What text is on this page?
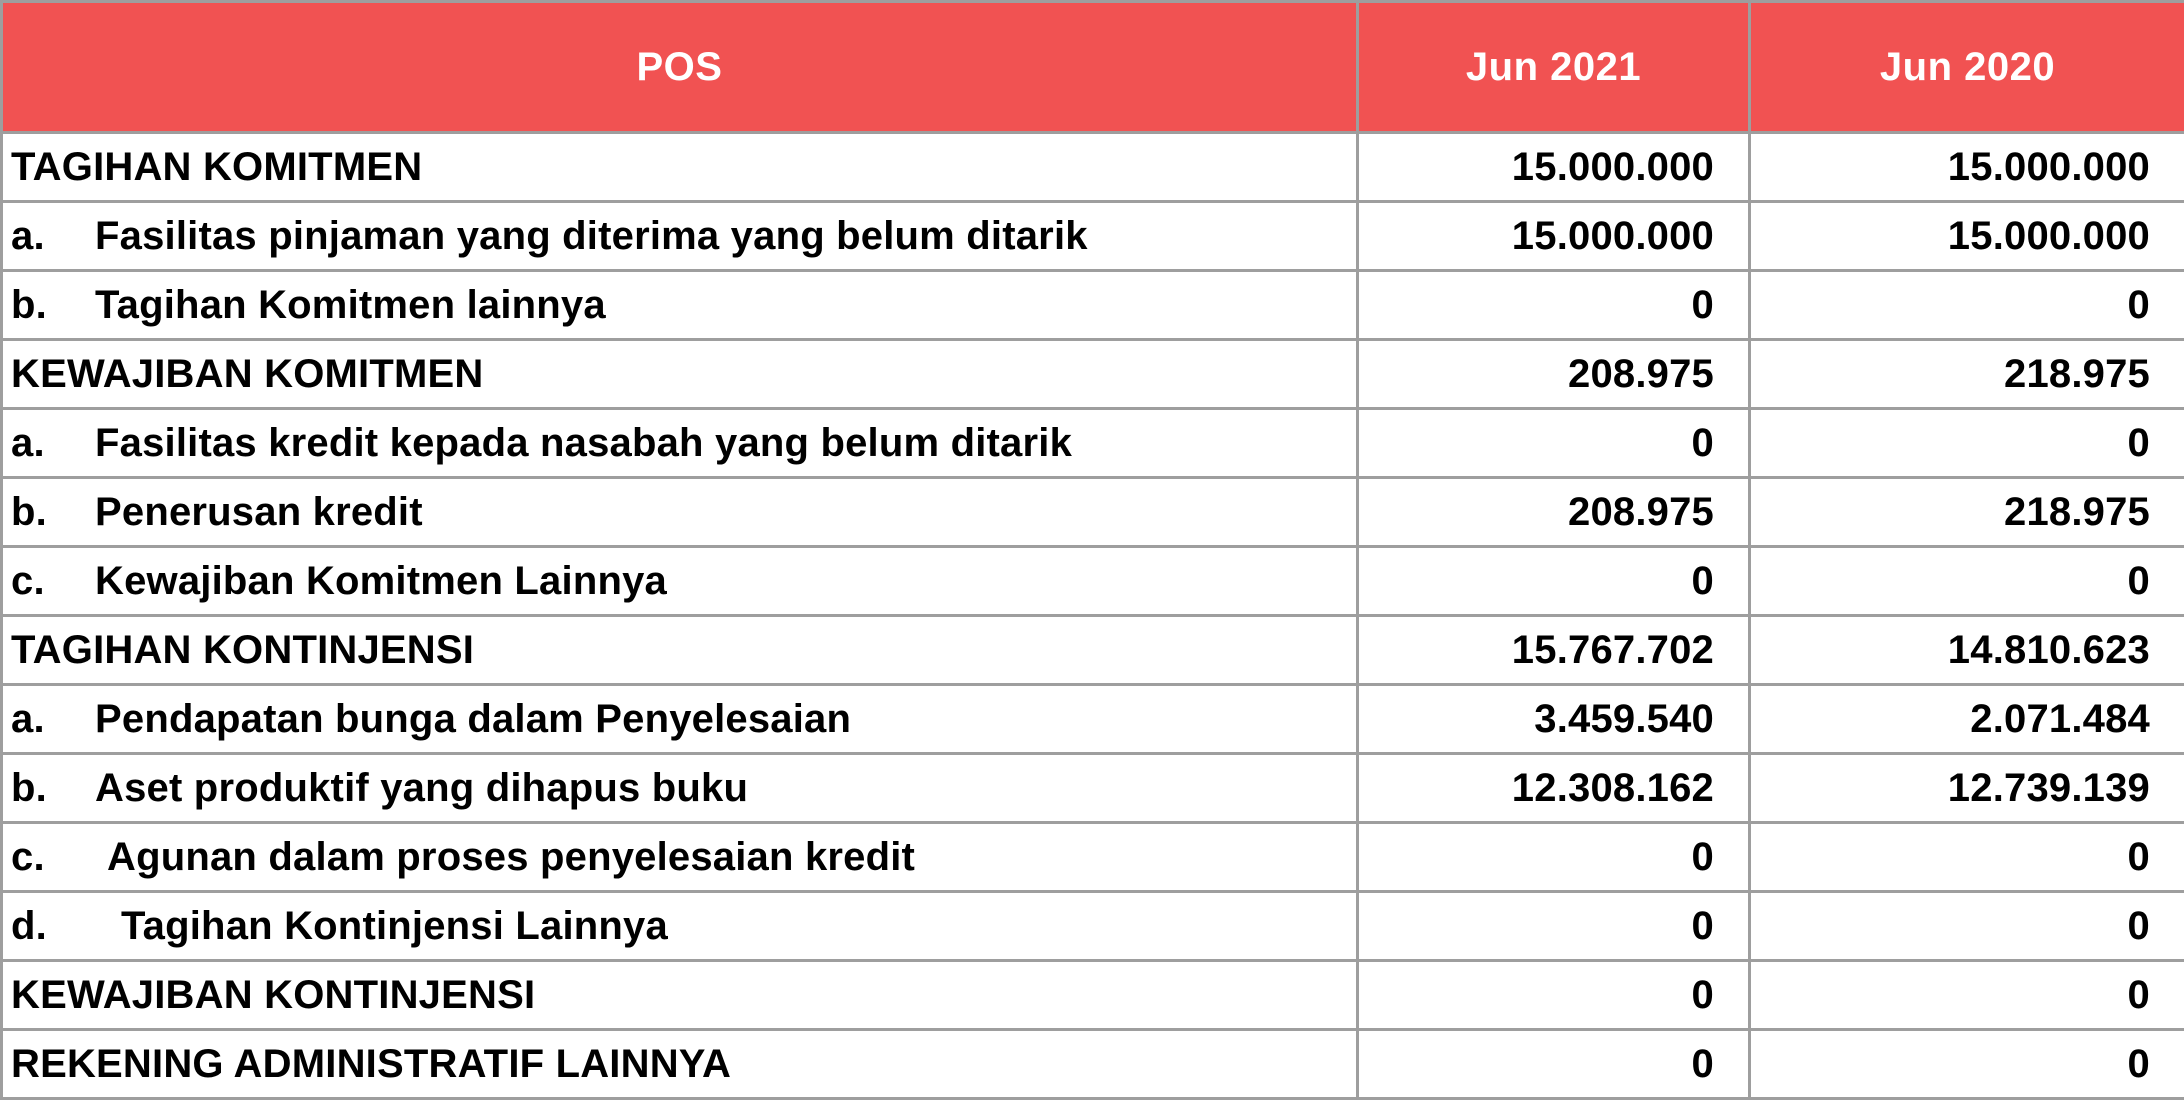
POS	Jun 2021	Jun 2020
TAGIHAN KOMITMEN	15.000.000	15.000.000
a. Fasilitas pinjaman yang diterima yang belum ditarik	15.000.000	15.000.000
b. Tagihan Komitmen lainnya	0	0
KEWAJIBAN KOMITMEN	208.975	218.975
a. Fasilitas kredit kepada nasabah yang belum ditarik	0	0
b. Penerusan kredit	208.975	218.975
c. Kewajiban Komitmen Lainnya	0	0
TAGIHAN KONTINJENSI	15.767.702	14.810.623
a. Pendapatan bunga dalam Penyelesaian	3.459.540	2.071.484
b. Aset produktif yang dihapus buku	12.308.162	12.739.139
c. Agunan dalam proses penyelesaian kredit	0	0
d. Tagihan Kontinjensi Lainnya	0	0
KEWAJIBAN KONTINJENSI	0	0
REKENING ADMINISTRATIF LAINNYA	0	0
